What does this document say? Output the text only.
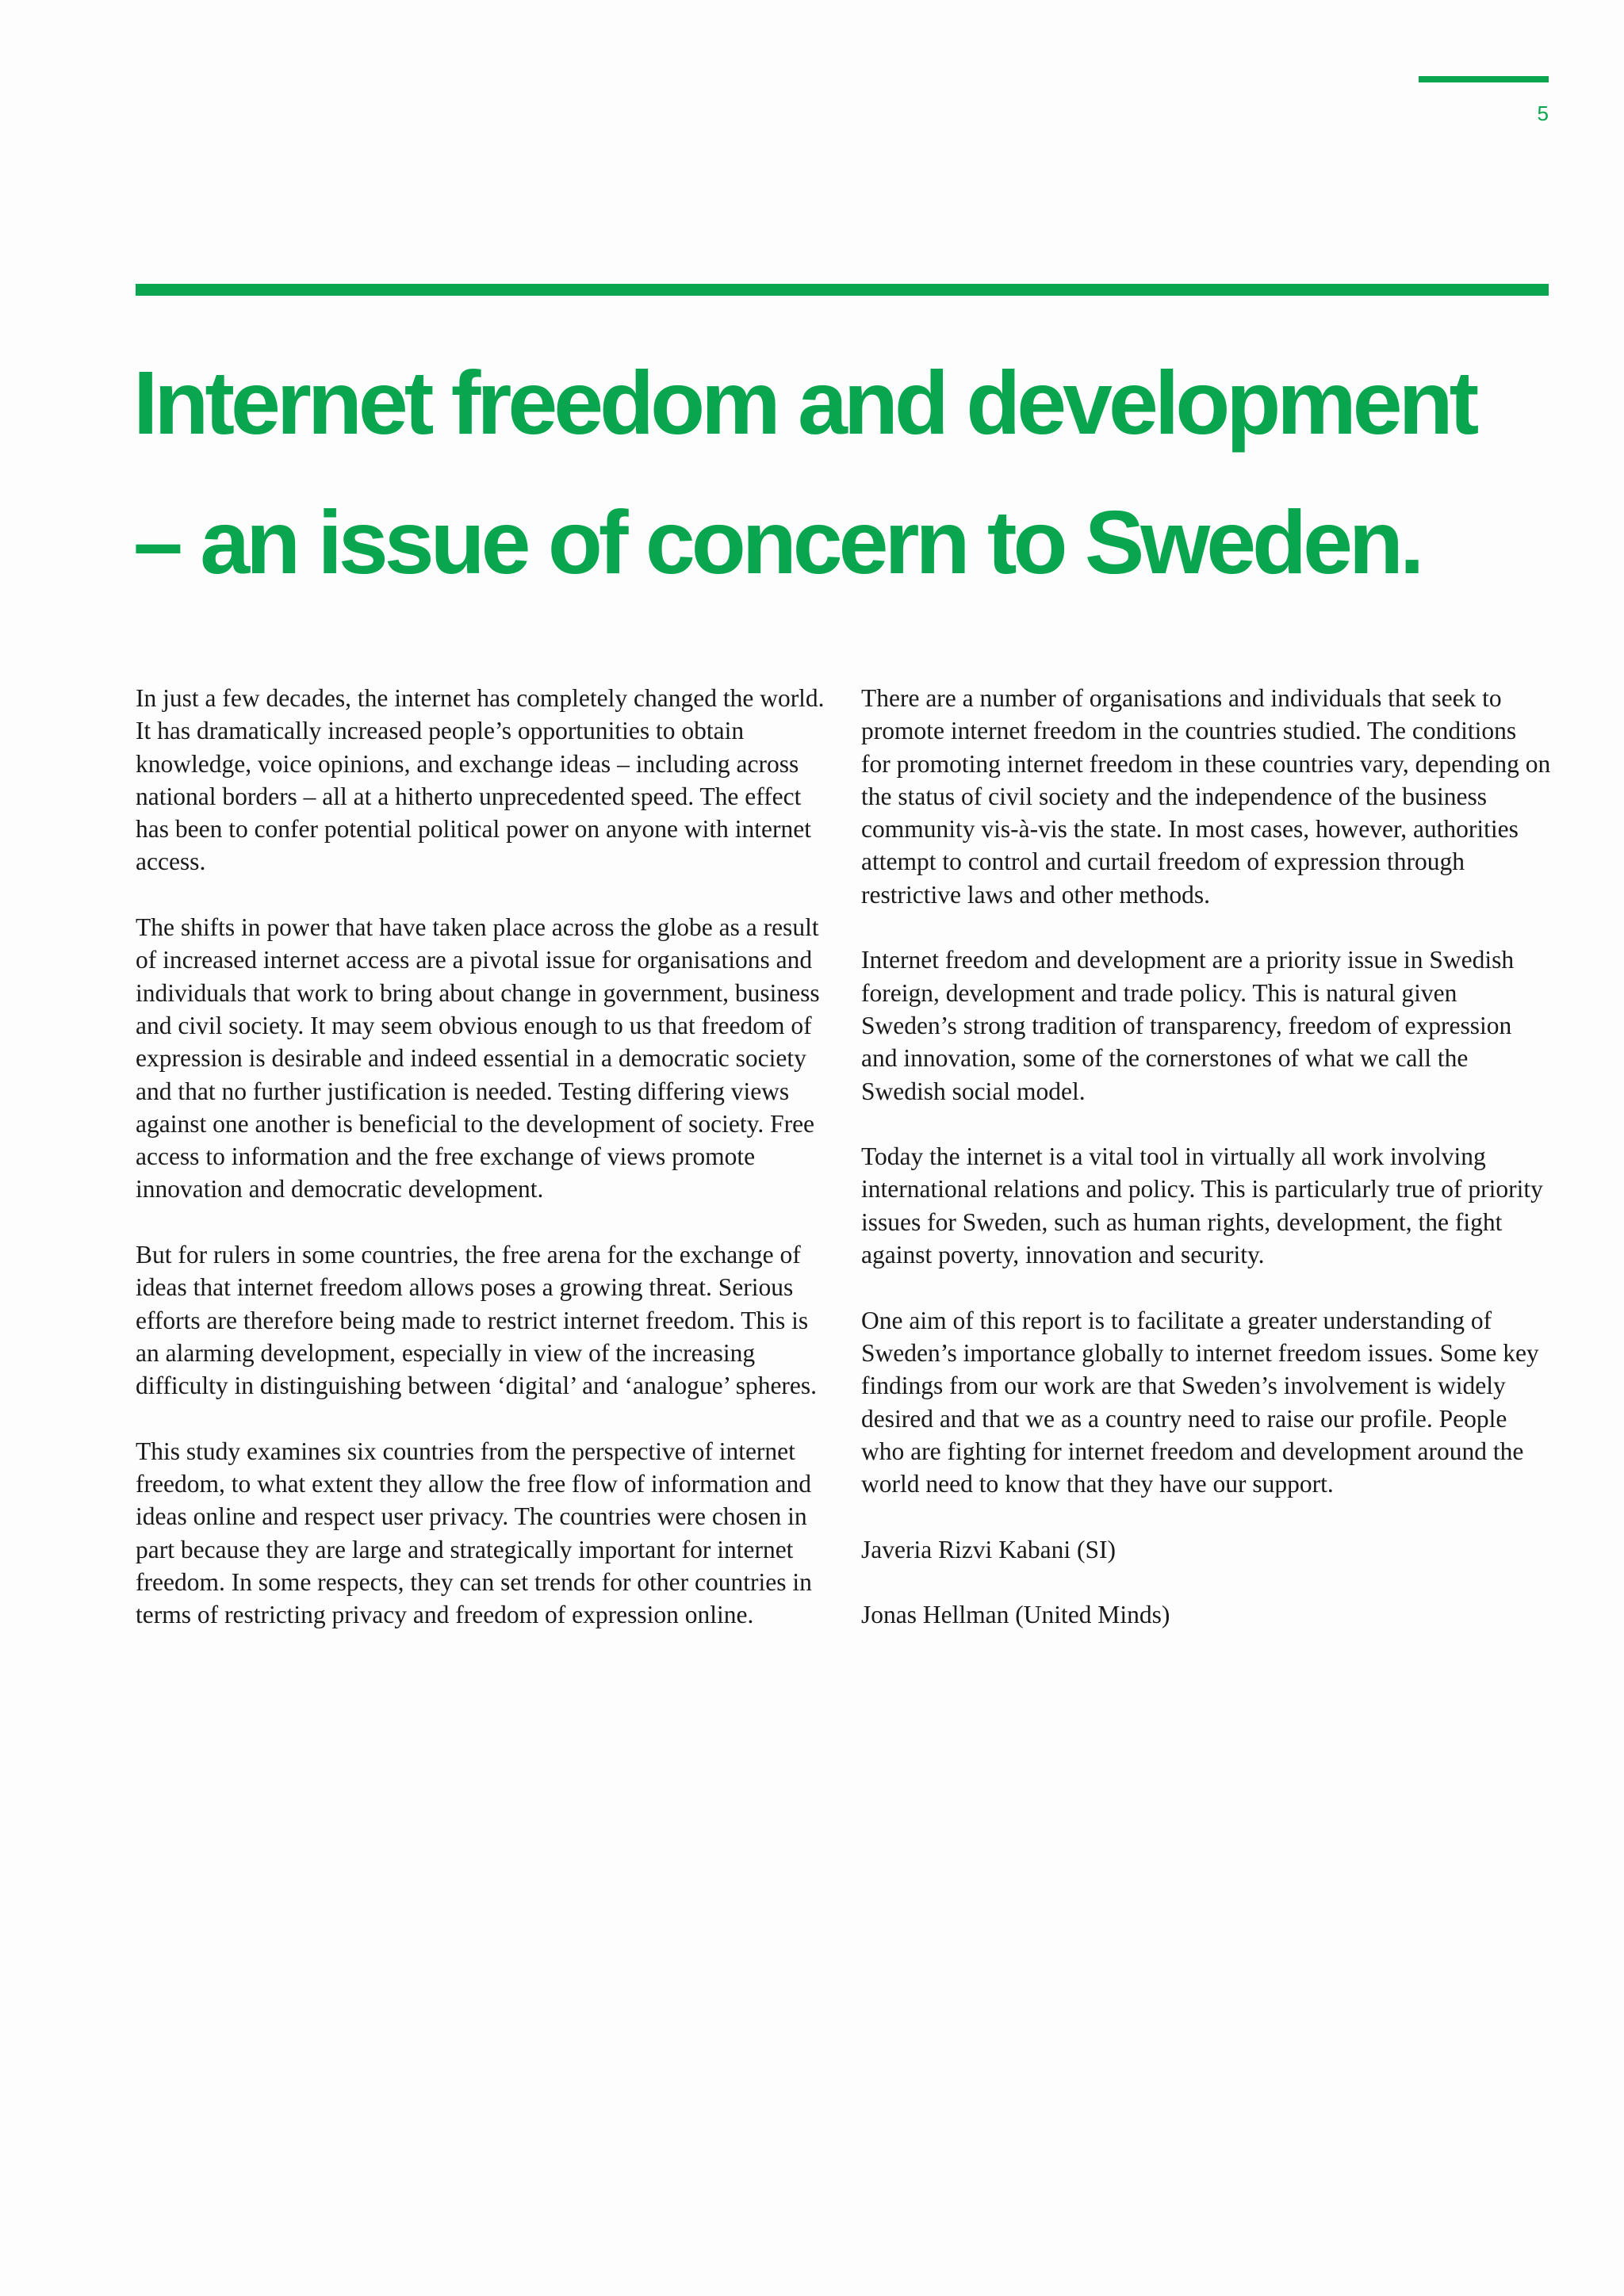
5
Internet freedom and development
– an issue of concern to Sweden.

In just a few decades, the internet has completely changed the world. It has dramatically increased people’s opportunities to obtain knowledge, voice opinions, and exchange ideas – including across national borders – all at a hitherto unprecedented speed. The effect has been to confer potential political power on anyone with internet access.

The shifts in power that have taken place across the globe as a result of increased internet access are a pivotal issue for organisations and individuals that work to bring about change in government, business and civil society. It may seem obvious enough to us that freedom of expression is desirable and indeed essential in a democratic society and that no further justification is needed. Testing differing views against one another is beneficial to the development of society. Free access to information and the free exchange of views promote innovation and democratic development.

But for rulers in some countries, the free arena for the exchange of ideas that internet freedom allows poses a growing threat. Serious efforts are therefore being made to restrict internet freedom. This is an alarming development, especially in view of the increasing difficulty in distinguishing between ‘digital’ and ‘analogue’ spheres.

This study examines six countries from the perspective of internet freedom, to what extent they allow the free flow of information and ideas online and respect user privacy. The countries were chosen in part because they are large and strategically important for internet freedom. In some respects, they can set trends for other countries in terms of restricting privacy and freedom of expression online.

There are a number of organisations and individuals that seek to promote internet freedom in the countries studied. The conditions for promoting internet freedom in these countries vary, depending on the status of civil society and the independence of the business community vis-à-vis the state. In most cases, however, authorities attempt to control and curtail freedom of expression through restrictive laws and other methods.

Internet freedom and development are a priority issue in Swedish foreign, development and trade policy. This is natural given Sweden’s strong tradition of transparency, freedom of expression and innovation, some of the cornerstones of what we call the Swedish social model.

Today the internet is a vital tool in virtually all work involving international relations and policy. This is particularly true of priority issues for Sweden, such as human rights, development, the fight against poverty, innovation and security.

One aim of this report is to facilitate a greater understanding of Sweden’s importance globally to internet freedom issues. Some key findings from our work are that Sweden’s involvement is widely desired and that we as a country need to raise our profile. People who are fighting for internet freedom and development around the world need to know that they have our support.

Javeria Rizvi Kabani (SI)

Jonas Hellman (United Minds)
